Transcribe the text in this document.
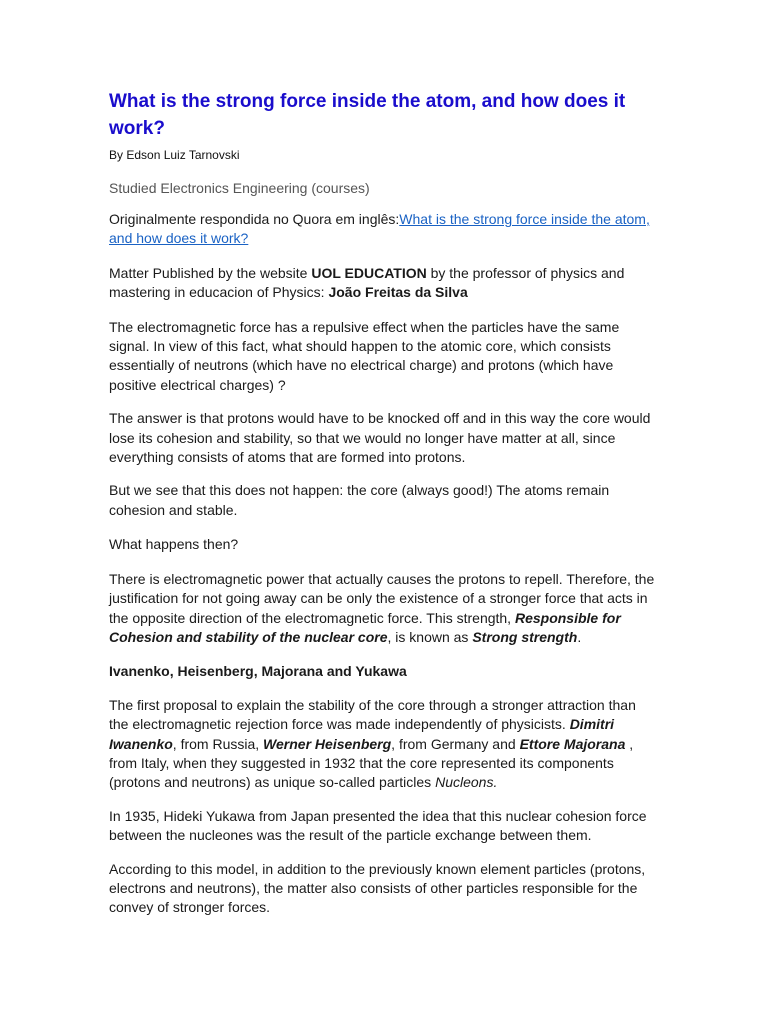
What is the strong force inside the atom, and how does it work?
By Edson Luiz Tarnovski
Studied Electronics Engineering (courses)

Originalmente respondida no Quora em inglês:What is the strong force inside the atom, and how does it work?

Matter Published by the website UOL EDUCATION by the professor of physics and mastering in educacion of Physics: João Freitas da Silva

The electromagnetic force has a repulsive effect when the particles have the same signal. In view of this fact, what should happen to the atomic core, which consists essentially of neutrons (which have no electrical charge) and protons (which have positive electrical charges) ?

The answer is that protons would have to be knocked off and in this way the core would lose its cohesion and stability, so that we would no longer have matter at all, since everything consists of atoms that are formed into protons.

But we see that this does not happen: the core (always good!) The atoms remain cohesion and stable.

What happens then?

There is electromagnetic power that actually causes the protons to repell. Therefore, the justification for not going away can be only the existence of a stronger force that acts in the opposite direction of the electromagnetic force. This strength, Responsible for Cohesion and stability of the nuclear core, is known as Strong strength.

Ivanenko, Heisenberg, Majorana and Yukawa

The first proposal to explain the stability of the core through a stronger attraction than the electromagnetic rejection force was made independently of physicists. Dimitri Iwanenko, from Russia, Werner Heisenberg, from Germany and Ettore Majorana , from Italy, when they suggested in 1932 that the core represented its components (protons and neutrons) as unique so-called particles Nucleons.

In 1935, Hideki Yukawa from Japan presented the idea that this nuclear cohesion force between the nucleones was the result of the particle exchange between them.

According to this model, in addition to the previously known element particles (protons, electrons and neutrons), the matter also consists of other particles responsible for the convey of stronger forces.
